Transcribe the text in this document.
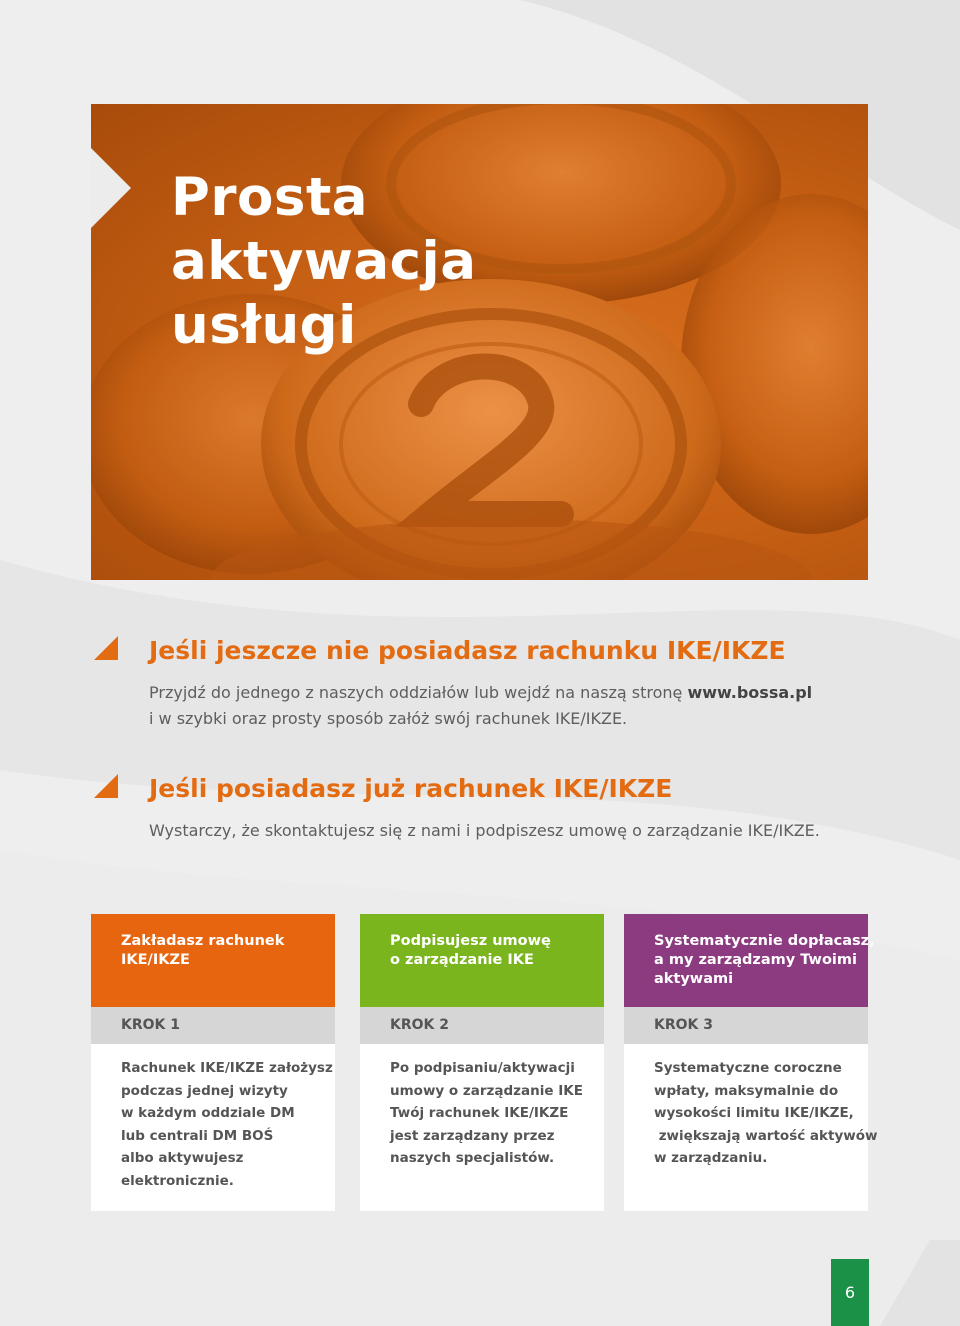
Prosta
aktywacja
usługi
Jeśli jeszcze nie posiadasz rachunku IKE/IKZE

Przyjdź do jednego z naszych oddziałów lub wejdź na naszą stronę www.bossa.pl
i w szybki oraz prosty sposób załóż swój rachunek IKE/IKZE.

Jeśli posiadasz już rachunek IKE/IKZE

Wystarczy, że skontaktujesz się z nami i podpiszesz umowę o zarządzanie IKE/IKZE.

Zakładasz rachunek
IKE/IKZE
KROK 1
Rachunek IKE/IKZE założysz
podczas jednej wizyty
w każdym oddziale DM
lub centrali DM BOŚ
albo aktywujesz
elektronicznie.
Podpisujesz umowę
o zarządzanie IKE
KROK 2
Po podpisaniu/aktywacji
umowy o zarządzanie IKE
Twój rachunek IKE/IKZE
jest zarządzany przez
naszych specjalistów.
Systematycznie dopłacasz,
a my zarządzamy Twoimi
aktywami
KROK 3
Systematyczne coroczne
wpłaty, maksymalnie do
wysokości limitu IKE/IKZE,
zwiększają wartość aktywów
w zarządzaniu.
6
